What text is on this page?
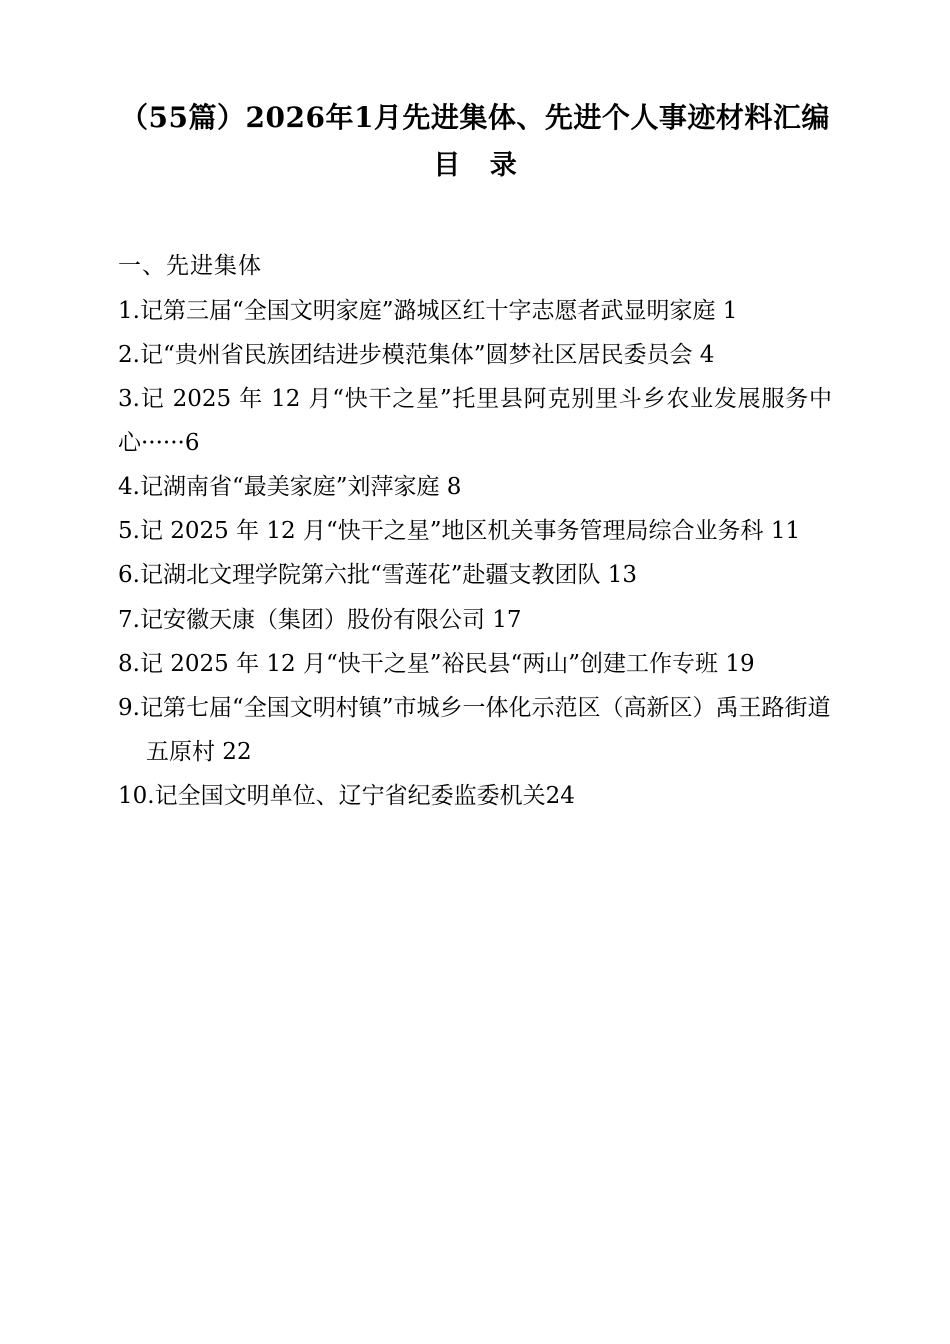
（55篇）2026年1月先进集体、先进个人事迹材料汇编
目 录

一、先进集体

1.记第三届“全国文明家庭”潞城区红十字志愿者武显明家庭 1

2.记“贵州省民族团结进步模范集体”圆梦社区居民委员会 4

3.记 2025 年 12 月“快干之星”托里县阿克别里斗乡农业发展服务中心······6

4.记湖南省“最美家庭”刘萍家庭 8

5.记 2025 年 12 月“快干之星”地区机关事务管理局综合业务科 11

6.记湖北文理学院第六批“雪莲花”赴疆支教团队 13

7.记安徽天康（集团）股份有限公司 17

8.记 2025 年 12 月“快干之星”裕民县“两山”创建工作专班 19

9.记第七届“全国文明村镇”市城乡一体化示范区（高新区）禹王路街道

五原村 22

10.记全国文明单位、辽宁省纪委监委机关24
